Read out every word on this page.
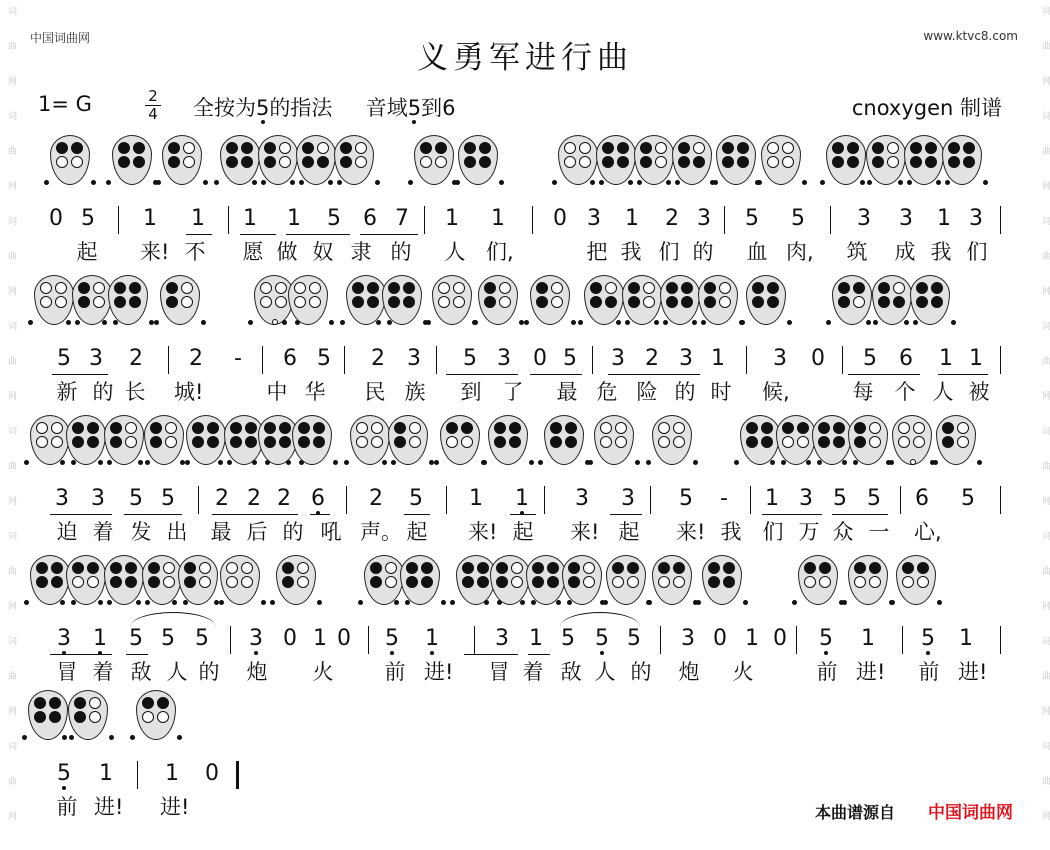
词
曲
网
词
曲
网
词
曲
网
词
曲
网
词
曲
网
词
曲
网
词
曲
网
词
曲
网
词
曲
网
词
曲
网
词
曲
网
词
曲
网
词
曲
网
词
曲
网
词
曲
网
词
曲
网
中国词曲网	www.ktvc8.com
义勇军进行曲
1= G	2
4 全按为5的指法 音域5到6	cnoxygen 制谱
0 5 1 1 1 1 5 6 7 1 1 0 3 1 2 3 5 5 3 3 1 3
起 来! 不 愿 做 奴 隶 的 人 们,	把 我 们 的 血 肉, 筑 成 我 们
5 3 2 2 - 6 5 2 3 5 3 0 5 3 2 3 1 3 0 5 6 1 1
新 的 长 城!	中 华 民 族 到 了 最 危 险 的 时 候,	每 个 人 被
3 3 5 5 2 2 2 6 2 5 1 1 3 3 5 - 1 3 5 5 6 5
迫 着 发 出 最 后 的 吼 声。 起 来! 起 来! 起 来! 我 们 万 众 一 心,
3 1 5 5 5 3 0 1 0 5 1	3 1 5 5 5 3 0 1 0 5 1 5 1
冒 着 敌 人 的 炮 火 前 进! 冒 着 敌 人 的 炮 火	前 进! 前 进!
5 1 1 0
前 进! 进!	本曲谱源自 中国词曲网
